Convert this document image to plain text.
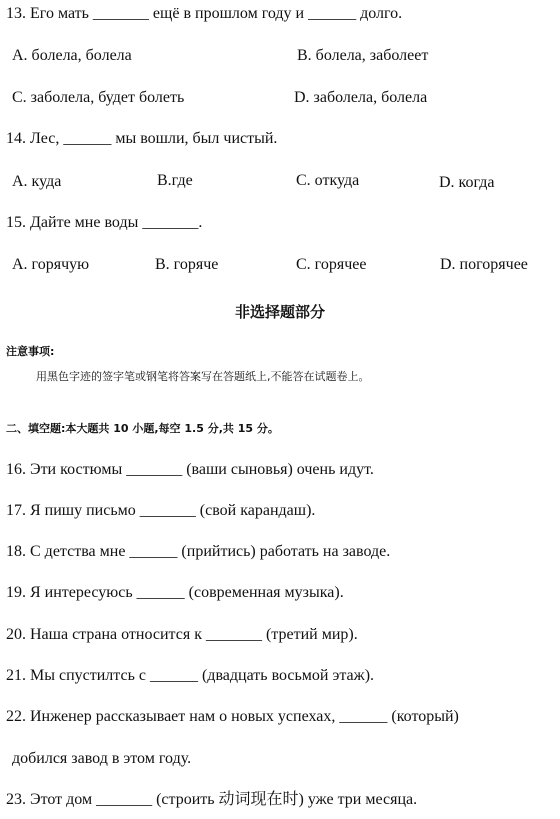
13. Его мать _______ ещё в прошлом году и ______ долго.
A. болела, болела	B. болела, заболеет
C. заболела, будет болеть	D. заболела, болела
14. Лес, ______ мы вошли, был чистый.
A. куда	B.где	C. откуда	D. когда
15. Дайте мне воды _______.
A. горячую	B. горяче	C. горячее	D. погорячее
非选择题部分
注意事项:
用黑色字迹的签字笔或钢笔将答案写在答题纸上,不能答在试题卷上。
二、填空题:本大题共 10 小题,每空 1.5 分,共 15 分。
16. Эти костюмы _______ (ваши сыновья) очень идут.
17. Я пишу письмо _______ (свой карандаш).
18. С детства мне ______ (прийтись) работать на заводе.
19. Я интересуюсь ______ (современная музыка).
20. Наша страна относится к _______ (третий мир).
21. Мы спустилтсь с ______ (двадцать восьмой этаж).
22. Инженер рассказывает нам о новых успехах, ______ (который)
добился завод в этом году.
23. Этот дом _______ (строить 动词现在时) уже три месяца.
